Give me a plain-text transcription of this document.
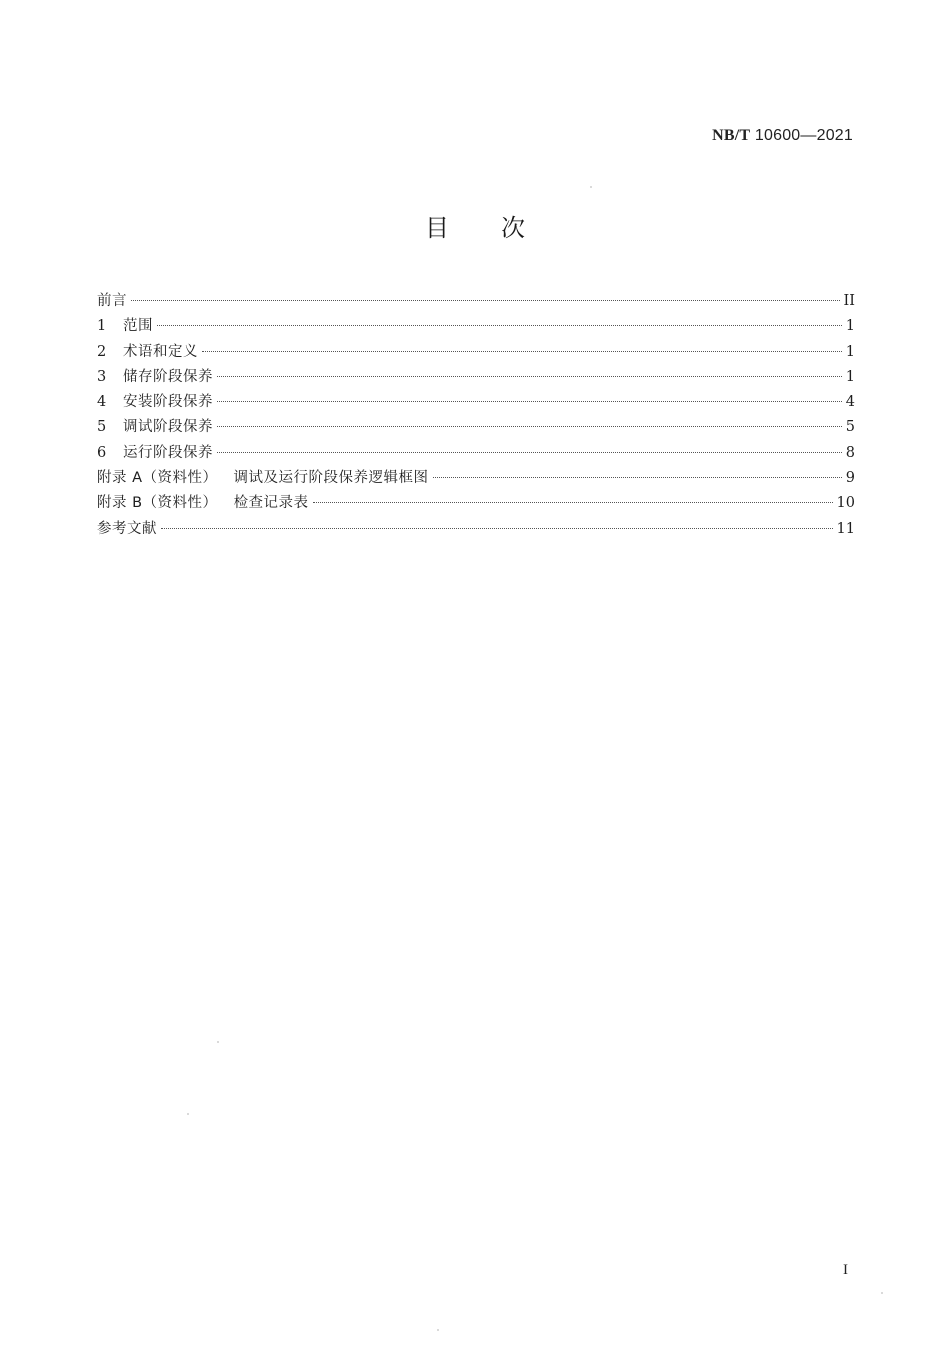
NB/T 10600—2021
目次
前言	II
1	范围	1
2	术语和定义	1
3	储存阶段保养	1
4	安装阶段保养	4
5	调试阶段保养	5
6	运行阶段保养	8
附录 A（资料性） 调试及运行阶段保养逻辑框图	9
附录 B（资料性） 检查记录表	10
参考文献	11
I
